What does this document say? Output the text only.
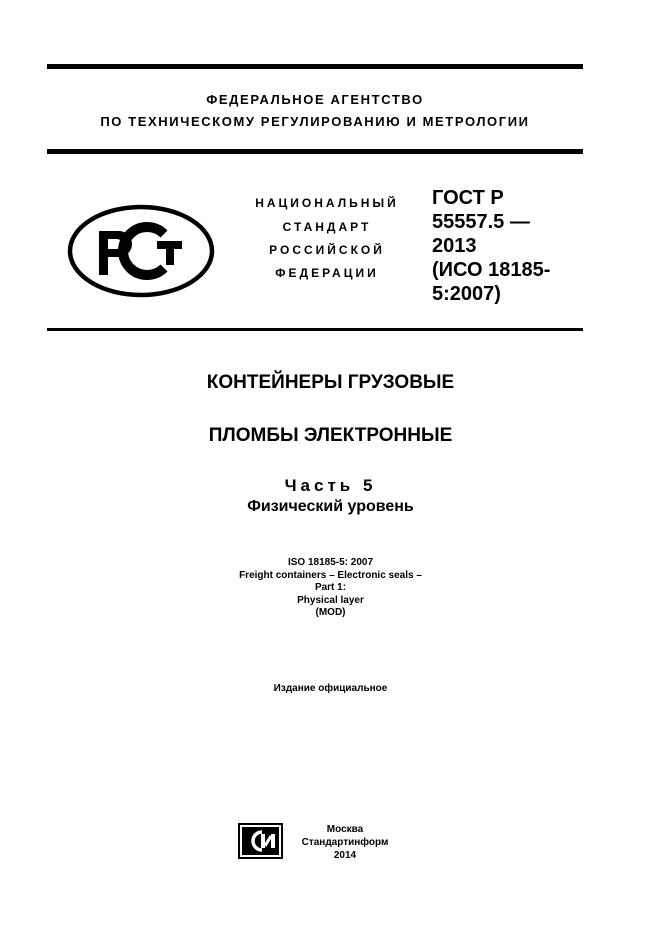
ФЕДЕРАЛЬНОЕ АГЕНТСТВО
ПО ТЕХНИЧЕСКОМУ РЕГУЛИРОВАНИЮ И МЕТРОЛОГИИ
НАЦИОНАЛЬНЫЙ
СТАНДАРТ
РОССИЙСКОЙ
ФЕДЕРАЦИИ
ГОСТ Р
55557.5 —
2013
(ИСО 18185-
5:2007)
КОНТЕЙНЕРЫ ГРУЗОВЫЕ
ПЛОМБЫ ЭЛЕКТРОННЫЕ
Часть 5
Физический уровень
ISO 18185-5: 2007
Freight containers – Electronic seals –
Part 1:
Physical layer
(MOD)
Издание официальное
Москва
Стандартинформ
2014
